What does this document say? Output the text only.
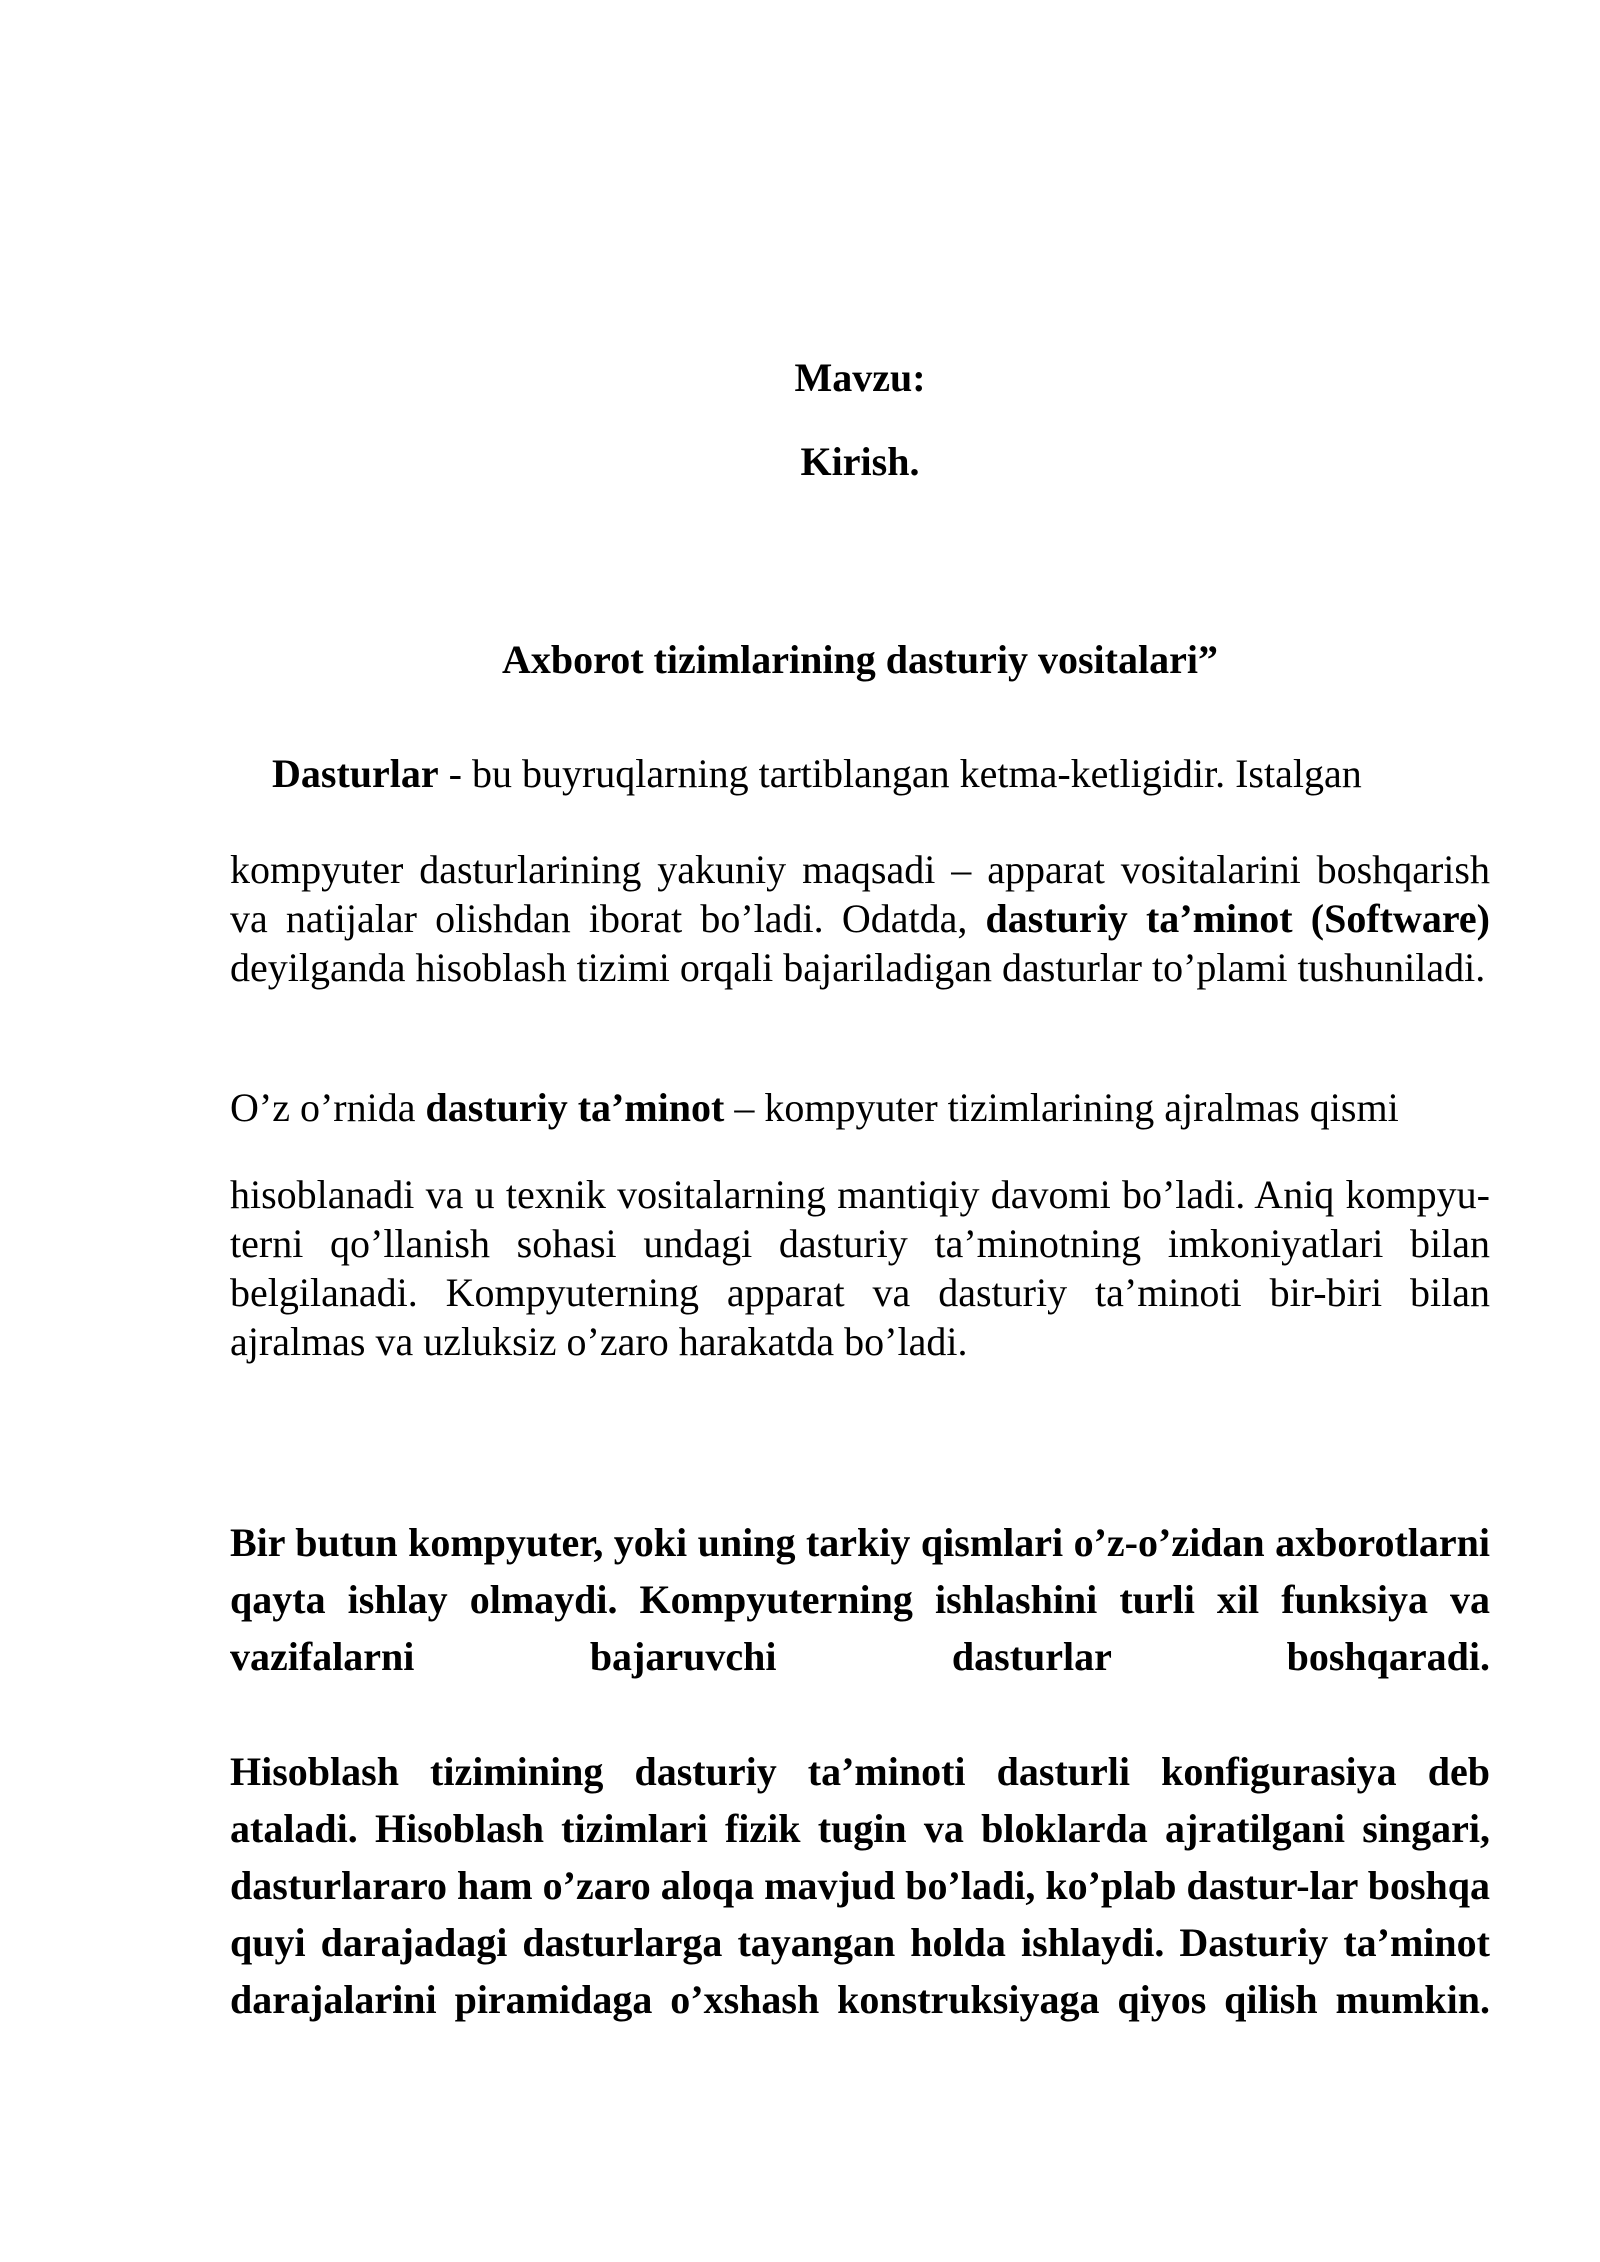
Mavzu:

Kirish.

Axborot tizimlarining dasturiy vositalari”

Dasturlar - bu buyruqlarning tartiblangan ketma-ketligidir. Istalgan

kompyuter dasturlarining yakuniy maqsadi – apparat vositalarini boshqarish va natijalar olishdan iborat bo’ladi. Odatda, dasturiy ta’minot (Software) deyilganda hisoblash tizimi orqali bajariladigan dasturlar to’plami tushuniladi.

O’z o’rnida dasturiy ta’minot – kompyuter tizimlarining ajralmas qismi

hisoblanadi va u texnik vositalarning mantiqiy davomi bo’ladi. Aniq kompyu-terni qo’llanish sohasi undagi dasturiy ta’minotning imkoniyatlari bilan belgilanadi. Kompyuterning apparat va dasturiy ta’minoti bir-biri bilan ajralmas va uzluksiz o’zaro harakatda bo’ladi.

Bir butun kompyuter, yoki uning tarkiy qismlari o’z-o’zidan axborotlarni qayta ishlay olmaydi. Kompyuterning ishlashini turli xil funksiya va vazifalarni bajaruvchi dasturlar boshqaradi.

Hisoblash tizimining dasturiy ta’minoti dasturli konfigurasiya deb ataladi. Hisoblash tizimlari fizik tugin va bloklarda ajratilgani singari, dasturlararo ham o’zaro aloqa mavjud bo’ladi, ko’plab dastur-lar boshqa quyi darajadagi dasturlarga tayangan holda ishlaydi. Dasturiy ta’minot darajalarini piramidaga o’xshash konstruksiyaga qiyos qilish mumkin.
